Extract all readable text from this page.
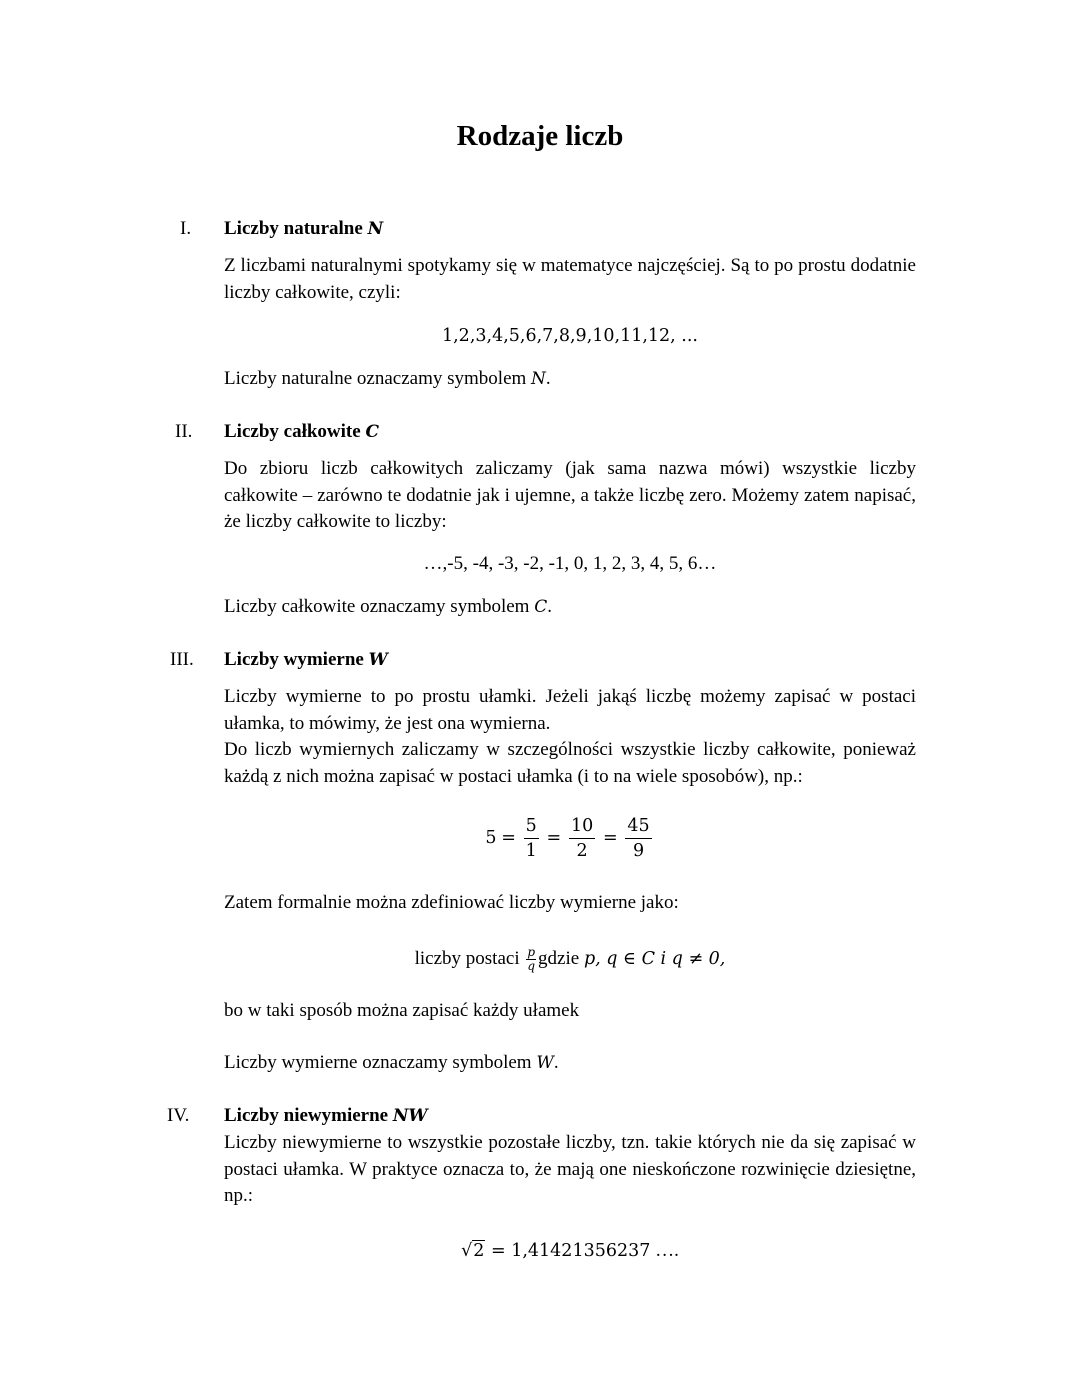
Rodzaje liczb
I. Liczby naturalne N
Z liczbami naturalnymi spotykamy się w matematyce najczęściej. Są to po prostu dodatnie liczby całkowite, czyli:
1,2,3,4,5,6,7,8,9,10,11,12, ...
Liczby naturalne oznaczamy symbolem N.
II. Liczby całkowite C
Do zbioru liczb całkowitych zaliczamy (jak sama nazwa mówi) wszystkie liczby całkowite – zarówno te dodatnie jak i ujemne, a także liczbę zero. Możemy zatem napisać, że liczby całkowite to liczby:
…,-5, -4, -3, -2, -1, 0, 1, 2, 3, 4, 5, 6…
Liczby całkowite oznaczamy symbolem C.
III. Liczby wymierne W
Liczby wymierne to po prostu ułamki. Jeżeli jakąś liczbę możemy zapisać w postaci ułamka, to mówimy, że jest ona wymierna.
Do liczb wymiernych zaliczamy w szczególności wszystkie liczby całkowite, ponieważ każdą z nich można zapisać w postaci ułamka (i to na wiele sposobów), np.:
$5 = \frac{5}{1} = \frac{10}{2} = \frac{45}{9}$
Zatem formalnie można zdefiniować liczby wymierne jako:
liczby postaci $\frac{p}{q}$ gdzie p, q ∈ C i q ≠ 0,
bo w taki sposób można zapisać każdy ułamek
Liczby wymierne oznaczamy symbolem W.
IV. Liczby niewymierne NW
Liczby niewymierne to wszystkie pozostałe liczby, tzn. takie których nie da się zapisać w postaci ułamka. W praktyce oznacza to, że mają one nieskończone rozwinięcie dziesiętne, np.:
√2 = 1,41421356237 ….
